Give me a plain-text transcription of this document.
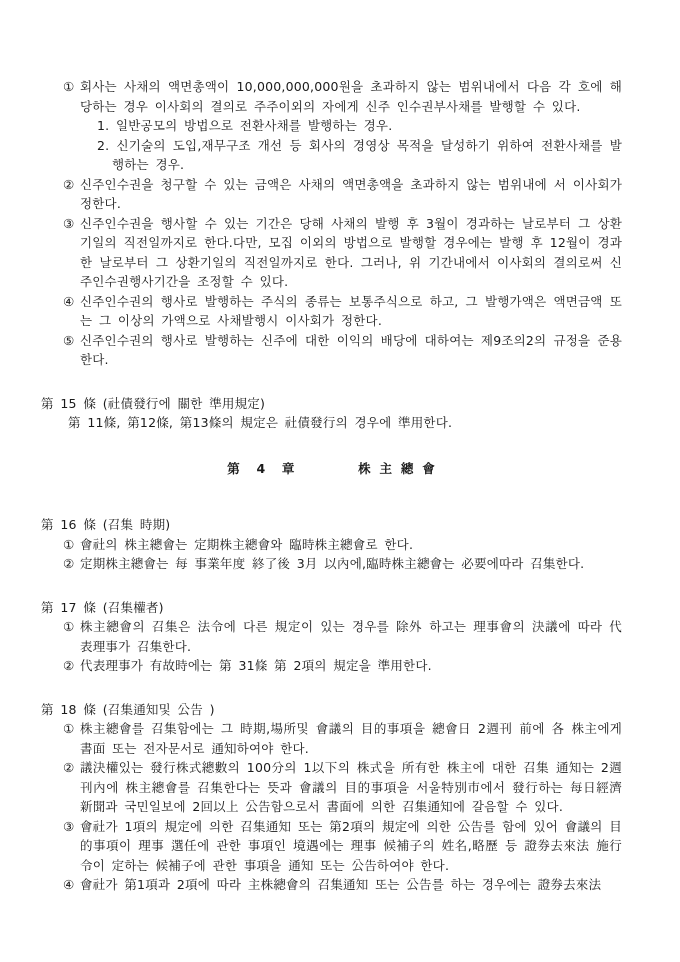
① 회사는 사채의 액면총액이 10,000,000,000원을 초과하지 않는 범위내에서 다음 각 호에 해당하는 경우 이사회의 결의로 주주이외의 자에게 신주 인수권부사채를 발행할 수 있다.
1. 일반공모의 방법으로 전환사채를 발행하는 경우.
2. 신기술의 도입,재무구조 개선 등 회사의 경영상 목적을 달성하기 위하여 전환사채를 발행하는 경우.
② 신주인수권을 청구할 수 있는 금액은 사채의 액면총액을 초과하지 않는 범위내에 서 이사회가 정한다.
③ 신주인수권을 행사할 수 있는 기간은 당해 사채의 발행 후 3월이 경과하는 날로부터 그 상환기일의 직전일까지로 한다.다만, 모집 이외의 방법으로 발행할 경우에는 발행 후 12월이 경과한 날로부터 그 상환기일의 직전일까지로 한다. 그러나, 위 기간내에서 이사회의 결의로써 신주인수권행사기간을 조정할 수 있다.
④ 신주인수권의 행사로 발행하는 주식의 종류는 보통주식으로 하고, 그 발행가액은 액면금액 또는 그 이상의 가액으로 사채발행시 이사회가 정한다.
⑤ 신주인수권의 행사로 발행하는 신주에 대한 이익의 배당에 대하여는 제9조의2의 규정을 준용한다.
第 15 條 (社債發行에 關한 準用規定)
第 11條, 第12條, 第13條의 規定은 社債發行의 경우에 準用한다.
第  4  章        株 主 總 會
第 16 條 (召集 時期)
① 會社의 株主總會는 定期株主總會와 臨時株主總會로 한다.
② 定期株主總會는 每 事業年度 終了後 3月 以內에,臨時株主總會는 必要에따라 召集한다.
第 17 條 (召集權者)
① 株主總會의 召集은 法令에 다른 規定이 있는 경우를 除外 하고는 理事會의 決議에 따라 代表理事가 召集한다.
② 代表理事가 有故時에는 第 31條 第 2項의 規定을 準用한다.
第 18 條 (召集通知및 公告 )
① 株主總會를 召集함에는 그 時期,場所및 會議의 目的事項을 總會日 2週刊 前에 各 株主에게 書面 또는 전자문서로 通知하여야 한다.
② 議決權있는 發行株式總數의 100分의 1以下의 株式을 所有한 株主에 대한 召集 通知는 2週刊內에 株主總會를 召集한다는 뜻과 會議의 目的事項을 서울特別市에서 發行하는 每日經濟新聞과 국민일보에 2回以上 公告함으로서 書面에 의한 召集通知에 갈음할 수 있다.
③ 會社가 1項의 規定에 의한 召集通知 또는 第2項의 規定에 의한 公告를 함에 있어 會議의 目的事項이 理事 選任에 관한 事項인 境遇에는 理事 候補子의 姓名,略歷 등 證券去來法 施行令이 定하는 候補子에 관한 事項을 通知 또는 公告하여야 한다.
④ 會社가 第1項과 2項에 따라 主株總會의 召集通知 또는 公告를 하는 경우에는 證券去來法
